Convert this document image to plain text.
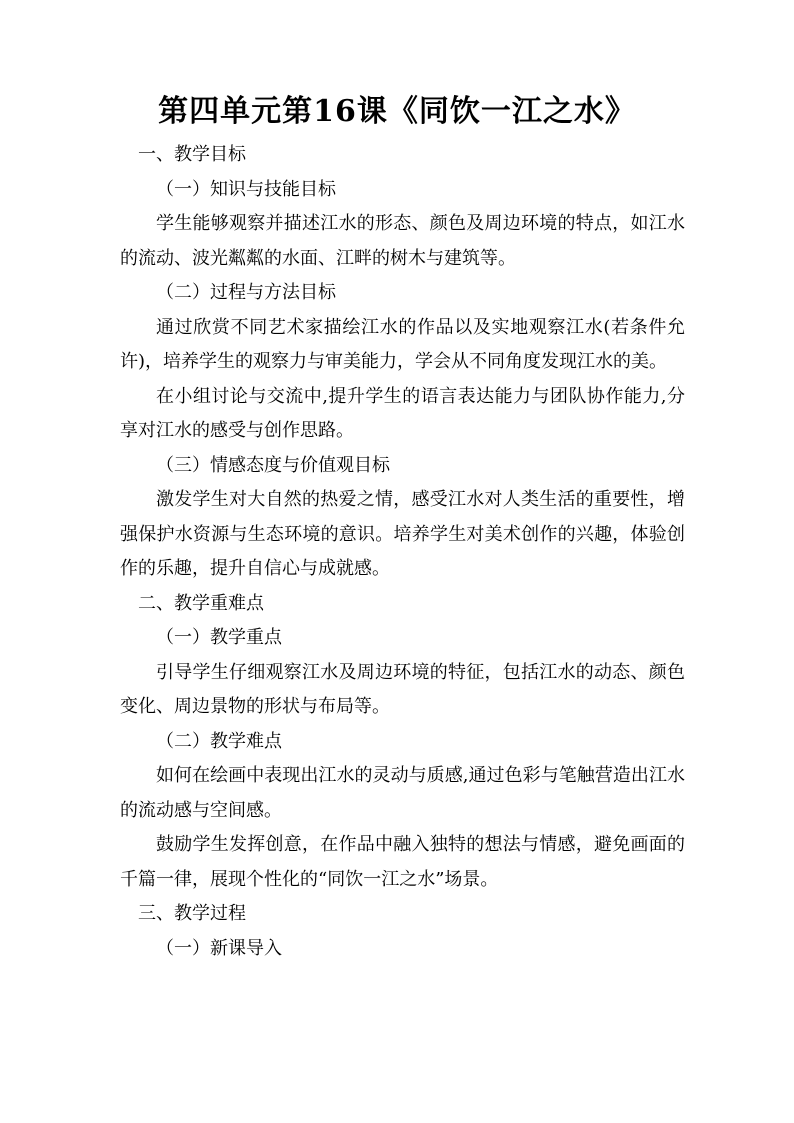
第四单元第16课《同饮一江之水》

一、教学目标

（一）知识与技能目标

学生能够观察并描述江水的形态、颜色及周边环境的特点，如江水的流动、波光粼粼的水面、江畔的树木与建筑等。

（二）过程与方法目标

通过欣赏不同艺术家描绘江水的作品以及实地观察江水(若条件允许)，培养学生的观察力与审美能力，学会从不同角度发现江水的美。

在小组讨论与交流中,提升学生的语言表达能力与团队协作能力,分享对江水的感受与创作思路。

（三）情感态度与价值观目标

激发学生对大自然的热爱之情，感受江水对人类生活的重要性，增强保护水资源与生态环境的意识。培养学生对美术创作的兴趣，体验创作的乐趣，提升自信心与成就感。

二、教学重难点

（一）教学重点

引导学生仔细观察江水及周边环境的特征，包括江水的动态、颜色变化、周边景物的形状与布局等。

（二）教学难点

如何在绘画中表现出江水的灵动与质感,通过色彩与笔触营造出江水的流动感与空间感。

鼓励学生发挥创意，在作品中融入独特的想法与情感，避免画面的千篇一律，展现个性化的“同饮一江之水”场景。

三、教学过程

（一）新课导入
